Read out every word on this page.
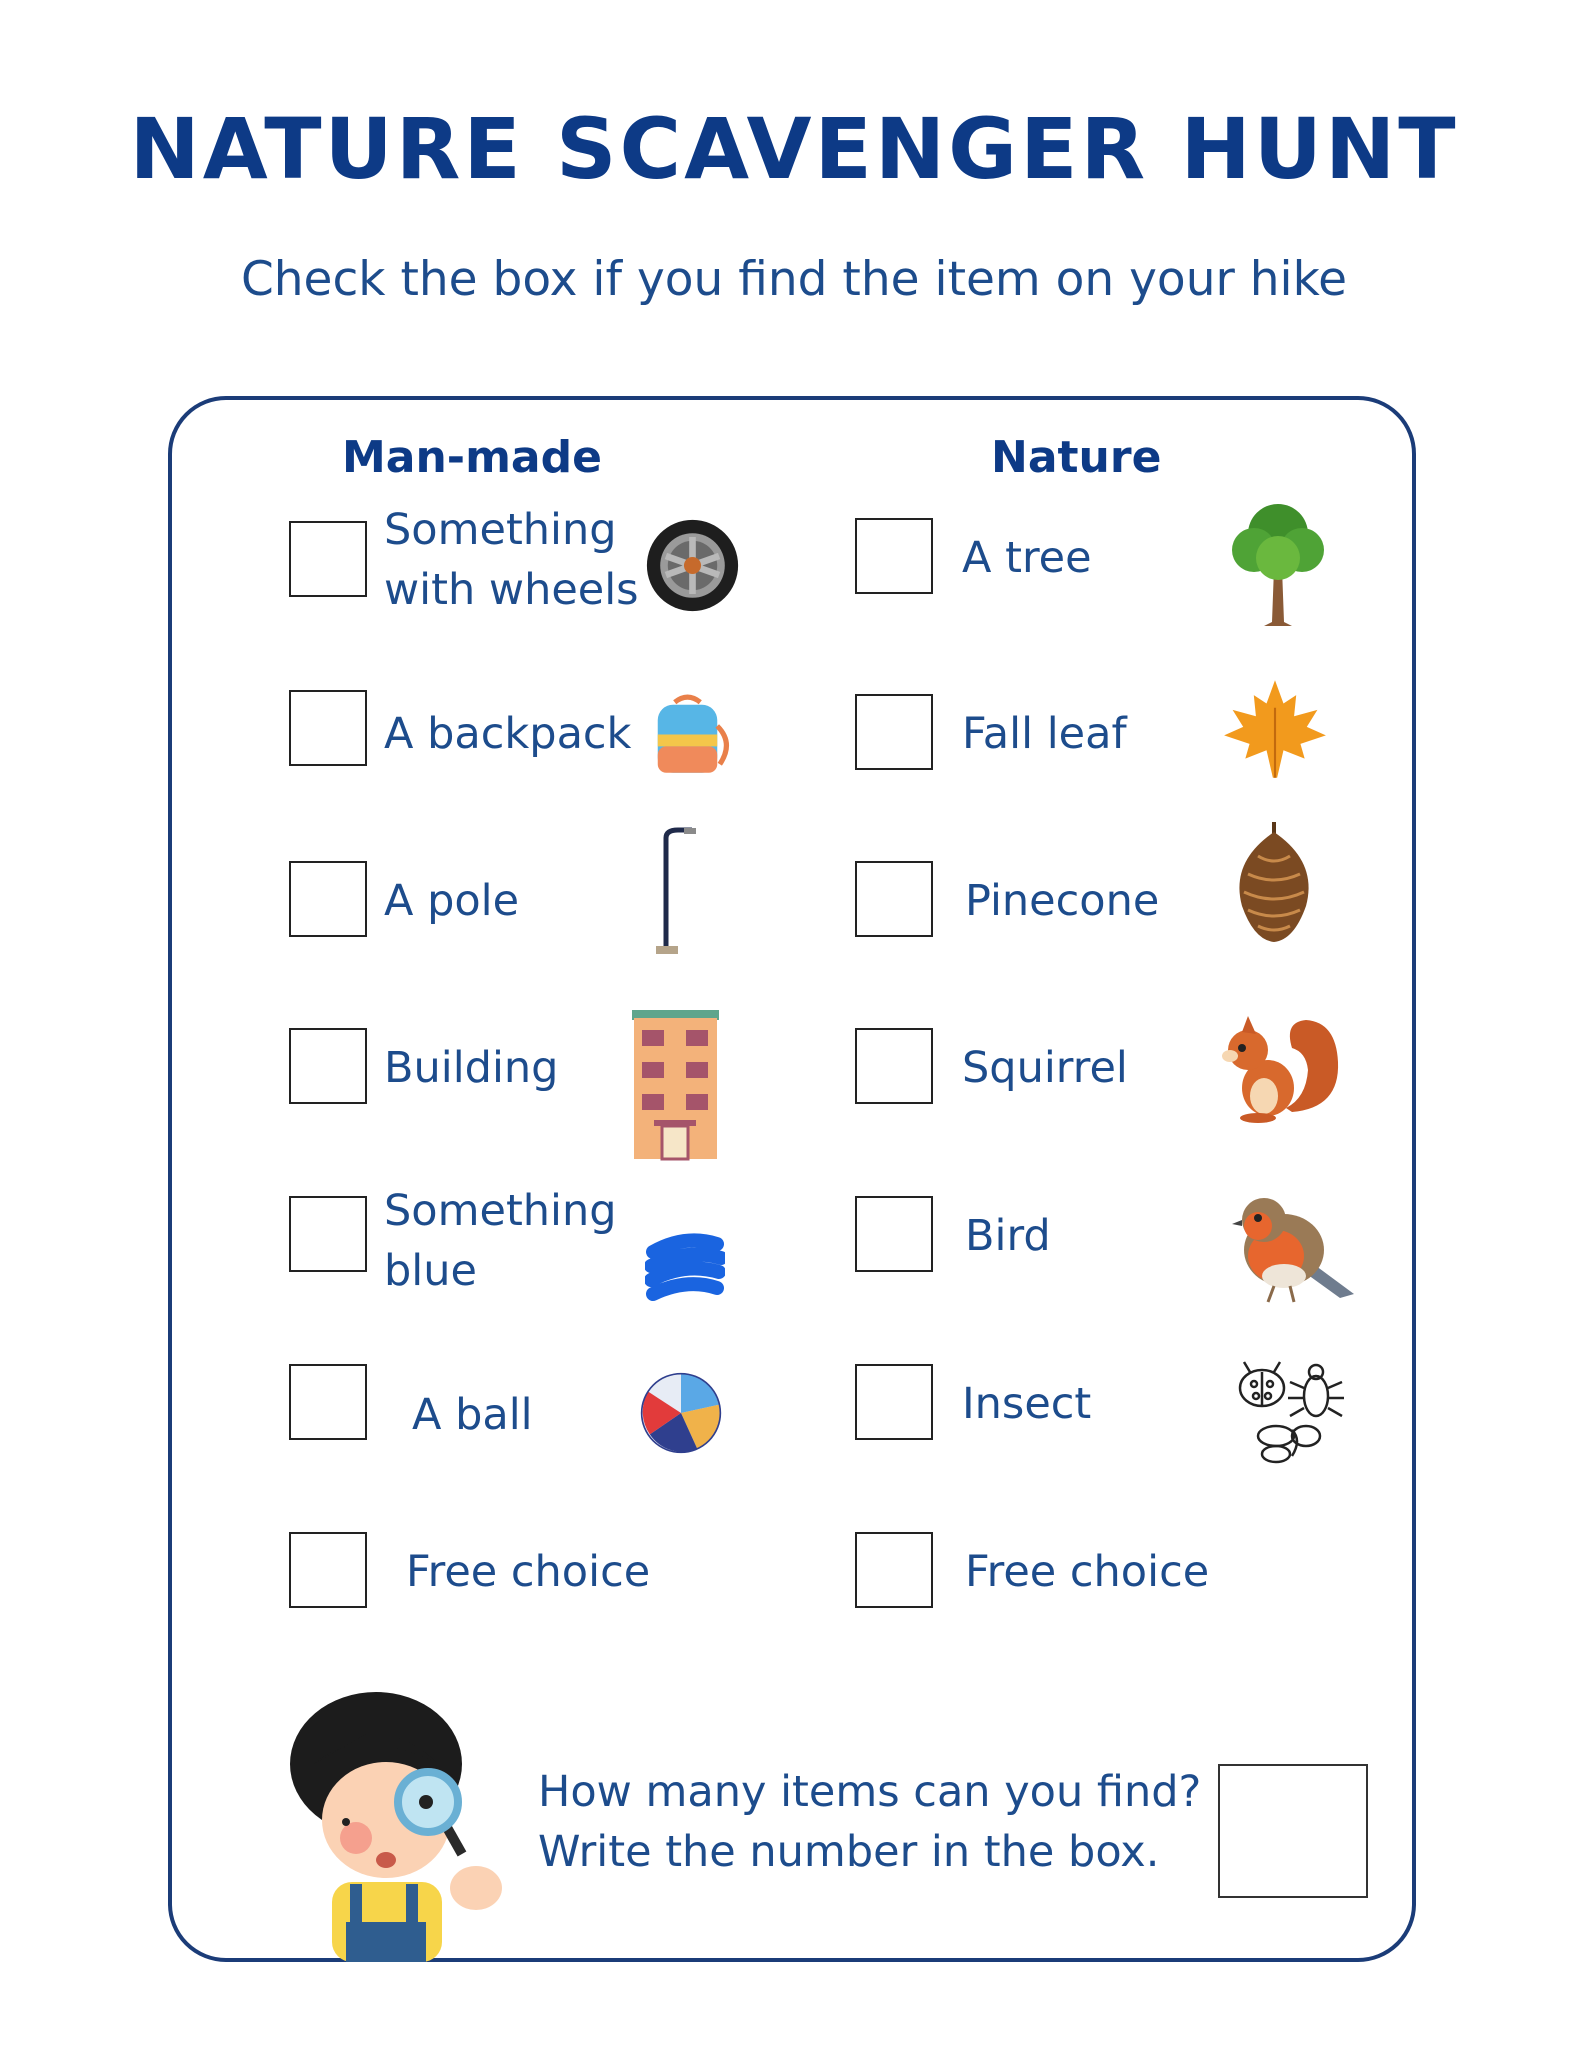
NATURE SCAVENGER HUNT
Check the box if you find the item on your hike
Man-made	Nature
Something
with wheels
A backpack
A pole
Building
Something
blue
A ball
Free choice
A tree
Fall leaf
Pinecone
Squirrel
Bird
Insect
Free choice
How many items can you find?
Write the number in the box.
